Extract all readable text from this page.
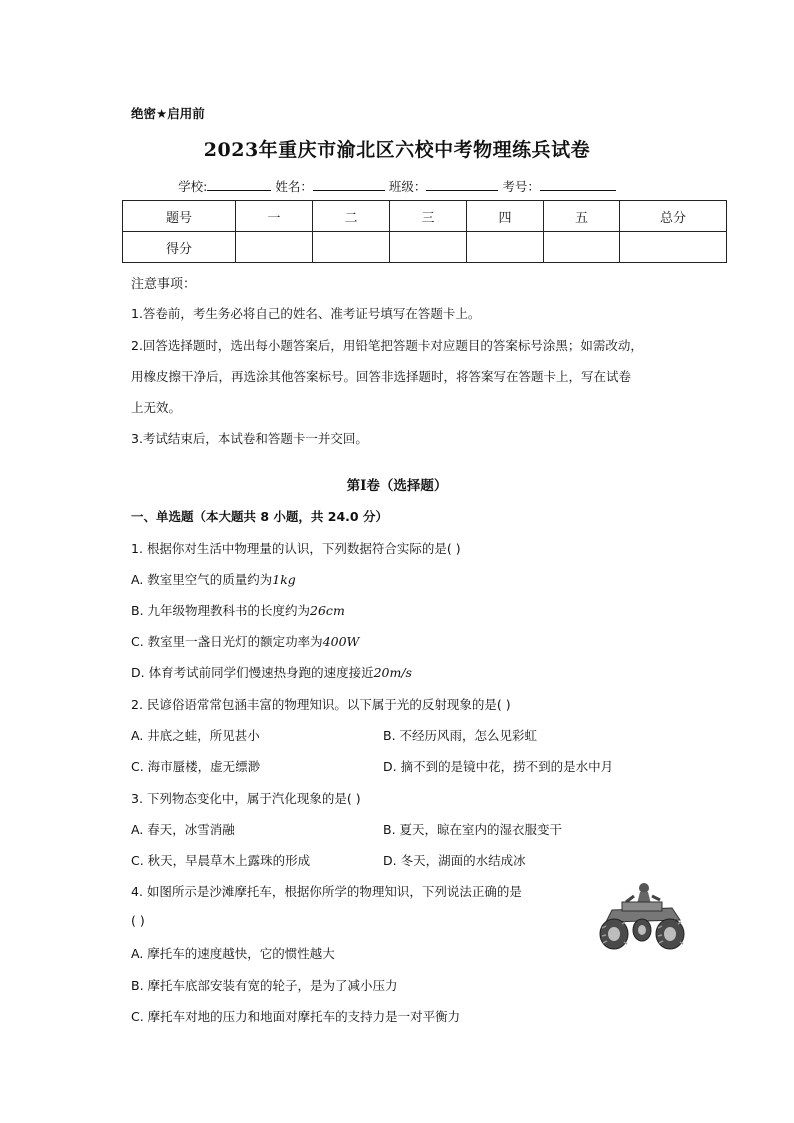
绝密★启用前
2023年重庆市渝北区六校中考物理练兵试卷
学校:	姓名：	班级：	考号：
题号	一	二	三	四	五	总分
得分						
注意事项：
1.答卷前，考生务必将自己的姓名、准考证号填写在答题卡上。
2.回答选择题时，选出每小题答案后，用铅笔把答题卡对应题目的答案标号涂黑；如需改动，
用橡皮擦干净后，再选涂其他答案标号。回答非选择题时，将答案写在答题卡上，写在试卷
上无效。
3.考试结束后，本试卷和答题卡一并交回。
第Ⅰ卷（选择题）
一、单选题（本大题共 8 小题，共 24.0 分）
1. 根据你对生活中物理量的认识，下列数据符合实际的是( )
A. 教室里空气的质量约为1kg
B. 九年级物理教科书的长度约为26cm
C. 教室里一盏日光灯的额定功率为400W
D. 体育考试前同学们慢速热身跑的速度接近20m/s
2. 民谚俗语常常包涵丰富的物理知识。以下属于光的反射现象的是( )
A. 井底之蛙，所见甚小	B. 不经历风雨，怎么见彩虹
C. 海市蜃楼，虚无缥渺	D. 摘不到的是镜中花，捞不到的是水中月
3. 下列物态变化中，属于汽化现象的是( )
A. 春天，冰雪消融	B. 夏天，晾在室内的湿衣服变干
C. 秋天，早晨草木上露珠的形成	D. 冬天，湖面的水结成冰
4. 如图所示是沙滩摩托车，根据你所学的物理知识，下列说法正确的是
( )
A. 摩托车的速度越快，它的惯性越大
B. 摩托车底部安装有宽的轮子，是为了减小压力
C. 摩托车对地的压力和地面对摩托车的支持力是一对平衡力
